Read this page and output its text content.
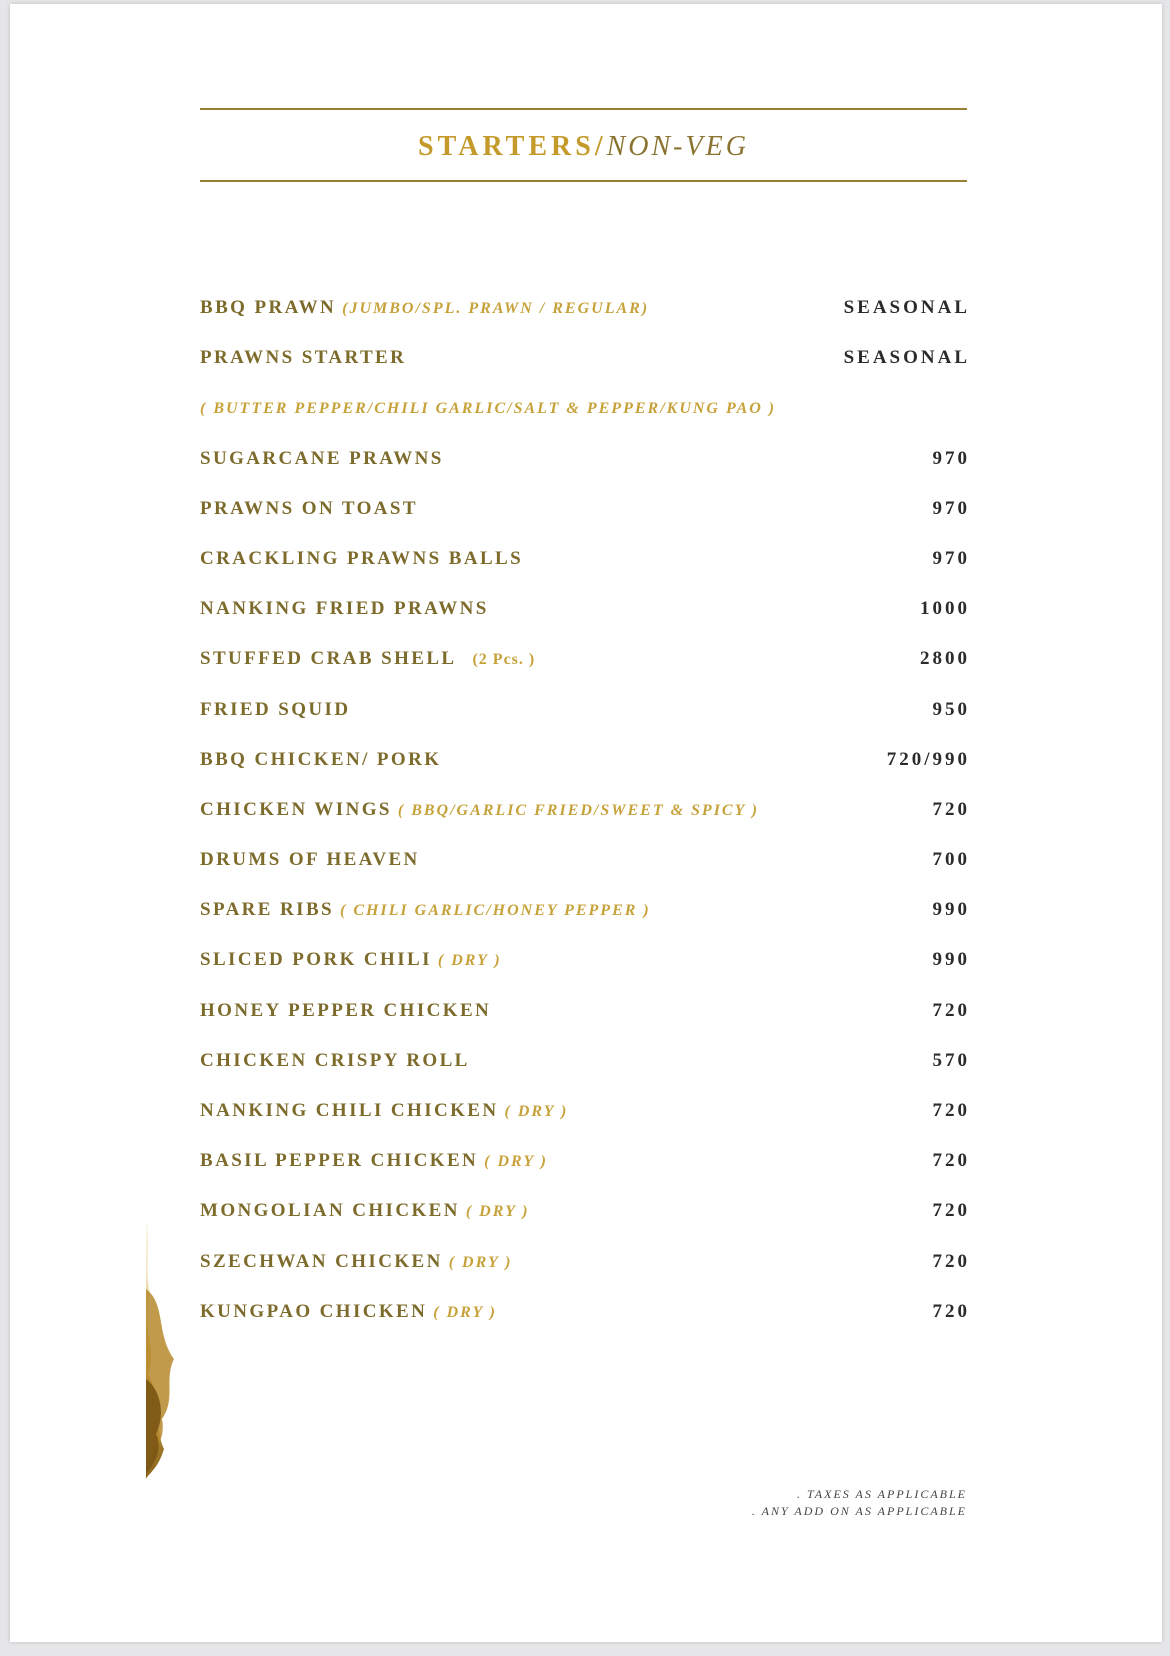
STARTERS/NON-VEG
BBQ PRAWN (JUMBO/SPL. PRAWN / REGULAR)	SEASONAL
PRAWNS STARTER	SEASONAL
( BUTTER PEPPER/CHILI GARLIC/SALT & PEPPER/KUNG PAO )
SUGARCANE PRAWNS	970
PRAWNS ON TOAST	970
CRACKLING PRAWNS BALLS	970
NANKING FRIED PRAWNS	1000
STUFFED CRAB SHELL (2 Pcs. )	2800
FRIED SQUID	950
BBQ CHICKEN/ PORK	720/990
CHICKEN WINGS ( BBQ/GARLIC FRIED/SWEET & SPICY )	720
DRUMS OF HEAVEN	700
SPARE RIBS ( CHILI GARLIC/HONEY PEPPER )	990
SLICED PORK CHILI ( DRY )	990
HONEY PEPPER CHICKEN	720
CHICKEN CRISPY ROLL	570
NANKING CHILI CHICKEN ( DRY )	720
BASIL PEPPER CHICKEN ( DRY )	720
MONGOLIAN CHICKEN ( DRY )	720
SZECHWAN CHICKEN ( DRY )	720
KUNGPAO CHICKEN ( DRY )	720
. TAXES AS APPLICABLE
. ANY ADD ON AS APPLICABLE
